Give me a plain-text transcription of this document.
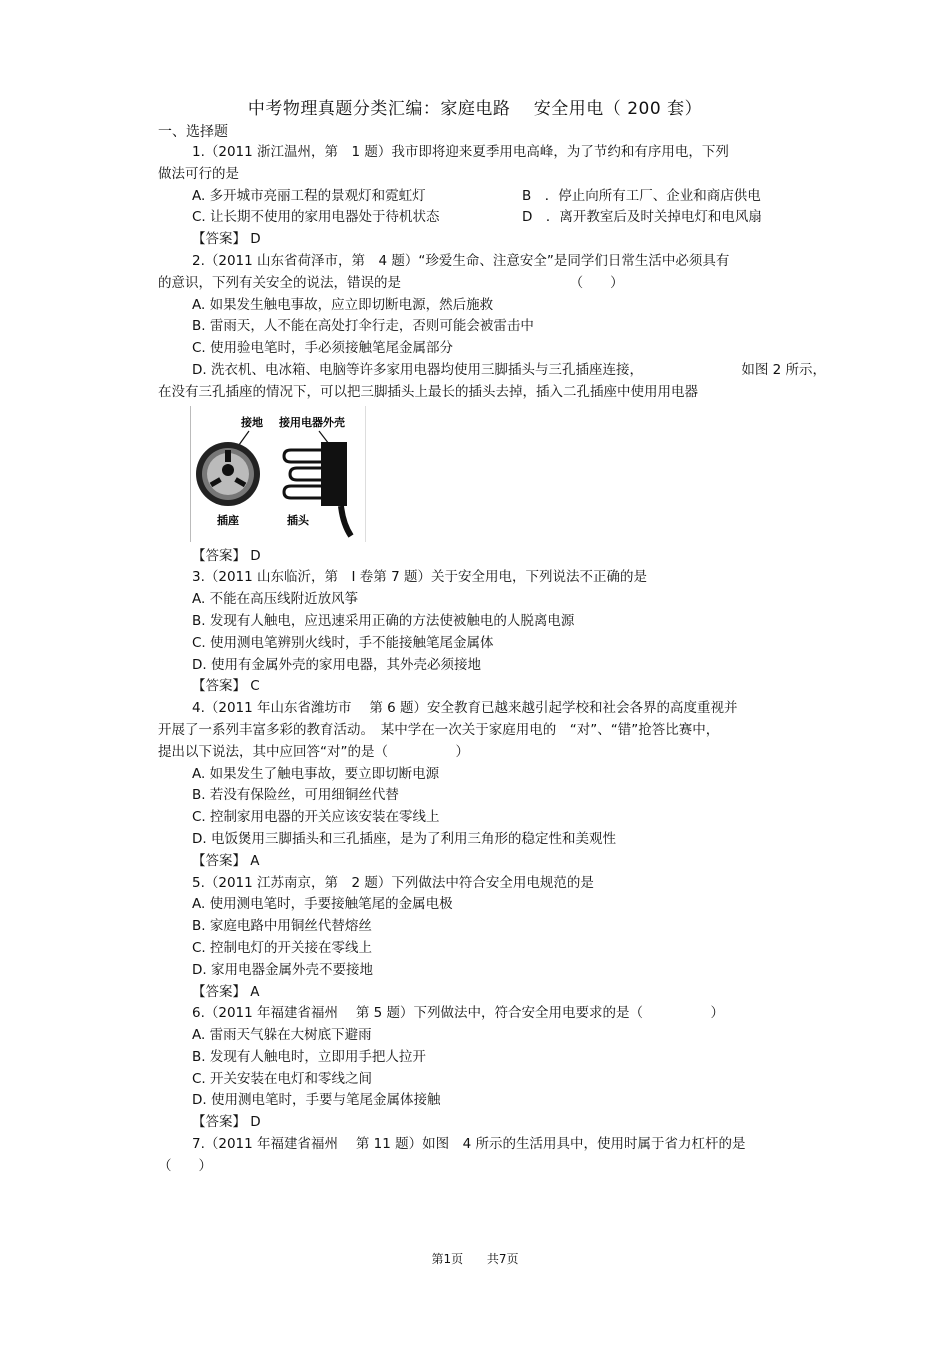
中考物理真题分类汇编：家庭电路　 安全用电（ 200 套）
一、选择题
1.（2011 浙江温州，第　1 题）我市即将迎来夏季用电高峰，为了节约和有序用电，下列
做法可行的是
A. 多开城市亮丽工程的景观灯和霓虹灯	B　．停止向所有工厂、企业和商店供电
C. 让长期不使用的家用电器处于待机状态	D　．离开教室后及时关掉电灯和电风扇
【答案】 D
2.（2011 山东省荷泽市，第　4 题）“珍爱生命、注意安全”是同学们日常生活中必须具有
的意识，下列有关安全的说法，错误的是	（　　）
A. 如果发生触电事故，应立即切断电源，然后施救
B. 雷雨天，人不能在高处打伞行走，否则可能会被雷击中
C. 使用验电笔时，手必须接触笔尾金属部分
D. 洗衣机、电冰箱、电脑等许多家用电器均使用三脚插头与三孔插座连接，	如图 2 所示，
在没有三孔插座的情况下，可以把三脚插头上最长的插头去掉，插入二孔插座中使用用电器
接地 接用电器外壳
插座	插头
【答案】 D
3.（2011 山东临沂，第　Ⅰ 卷第 7 题）关于安全用电，下列说法不正确的是
A. 不能在高压线附近放风筝
B. 发现有人触电，应迅速采用正确的方法使被触电的人脱离电源
C. 使用测电笔辨别火线时，手不能接触笔尾金属体
D. 使用有金属外壳的家用电器，其外壳必须接地
【答案】 C
4.（2011 年山东省潍坊市　 第 6 题）安全教育已越来越引起学校和社会各界的高度重视并
开展了一系列丰富多彩的教育活动。　某中学在一次关于家庭用电的　“对”、“错”抢答比赛中，
提出以下说法，其中应回答“对”的是（　　　　　）
A. 如果发生了触电事故，要立即切断电源
B. 若没有保险丝，可用细铜丝代替
C. 控制家用电器的开关应该安装在零线上
D. 电饭煲用三脚插头和三孔插座，是为了利用三角形的稳定性和美观性
【答案】 A
5.（2011 江苏南京，第　2 题）下列做法中符合安全用电规范的是
A. 使用测电笔时，手要接触笔尾的金属电极
B. 家庭电路中用铜丝代替熔丝
C. 控制电灯的开关接在零线上
D. 家用电器金属外壳不要接地
【答案】 A
6.（2011 年福建省福州　 第 5 题）下列做法中，符合安全用电要求的是（　　　　　）
A. 雷雨天气躲在大树底下避雨
B. 发现有人触电时，立即用手把人拉开
C. 开关安装在电灯和零线之间
D. 使用测电笔时，手要与笔尾金属体接触
【答案】 D
7.（2011 年福建省福州　 第 11 题）如图　4 所示的生活用具中，使用时属于省力杠杆的是
（　　）
第1页 共7页
